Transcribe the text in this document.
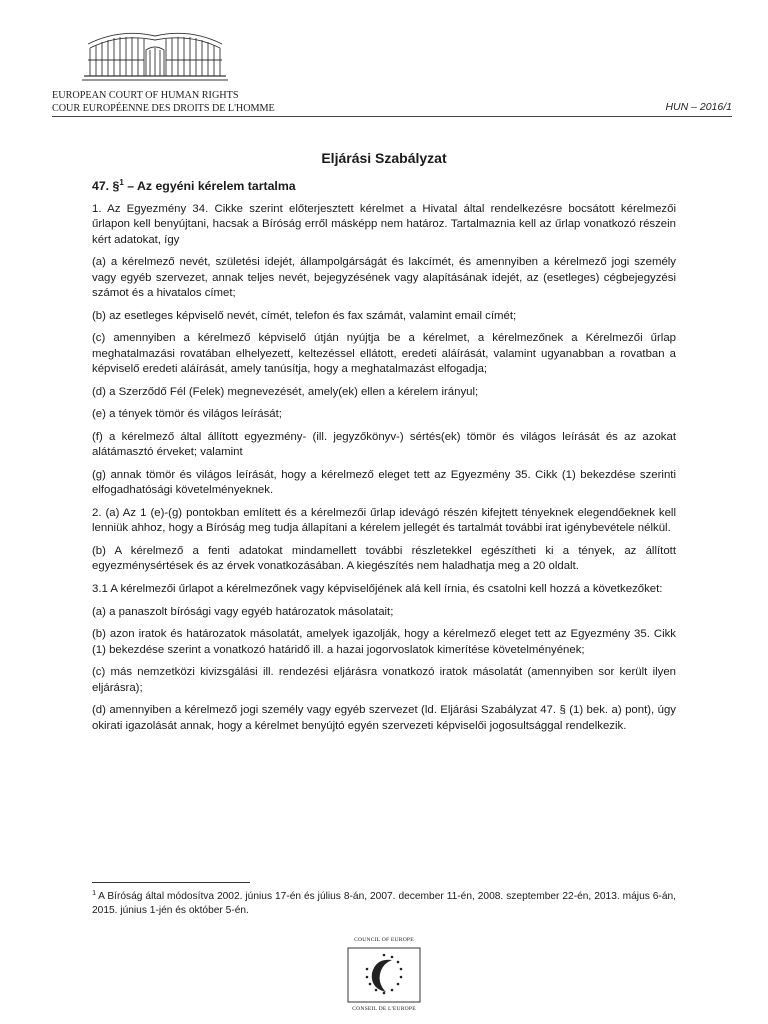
EUROPEAN COURT OF HUMAN RIGHTS
COUR EUROPÉENNE DES DROITS DE L'HOMME	HUN – 2016/1
Eljárási Szabályzat
47. §$^1$ – Az egyéni kérelem tartalma
1. Az Egyezmény 34. Cikke szerint előterjesztett kérelmet a Hivatal által rendelkezésre bocsátott kérelmezői űrlapon kell benyújtani, hacsak a Bíróság erről másképp nem határoz. Tartalmaznia kell az űrlap vonatkozó részein kért adatokat, így
(a) a kérelmező nevét, születési idejét, állampolgárságát és lakcímét, és amennyiben a kérelmező jogi személy vagy egyéb szervezet, annak teljes nevét, bejegyzésének vagy alapításának idejét, az (esetleges) cégbejegyzési számot és a hivatalos címet;
(b) az esetleges képviselő nevét, címét, telefon és fax számát, valamint email címét;
(c) amennyiben a kérelmező képviselő útján nyújtja be a kérelmet, a kérelmezőnek a Kérelmezői űrlap meghatalmazási rovatában elhelyezett, keltezéssel ellátott, eredeti aláírását, valamint ugyanabban a rovatban a képviselő eredeti aláírását, amely tanúsítja, hogy a meghatalmazást elfogadja;
(d) a Szerződő Fél (Felek) megnevezését, amely(ek) ellen a kérelem irányul;
(e) a tények tömör és világos leírását;
(f) a kérelmező által állított egyezmény- (ill. jegyzőkönyv-) sértés(ek) tömör és világos leírását és az azokat alátámasztó érveket; valamint
(g) annak tömör és világos leírását, hogy a kérelmező eleget tett az Egyezmény 35. Cikk (1) bekezdése szerinti elfogadhatósági követelményeknek.
2. (a) Az 1 (e)-(g) pontokban említett és a kérelmezői űrlap idevágó részén kifejtett tényeknek elegendőeknek kell lenniük ahhoz, hogy a Bíróság meg tudja állapítani a kérelem jellegét és tartalmát további irat igénybevétele nélkül.
(b) A kérelmező a fenti adatokat mindamellett további részletekkel egészítheti ki a tények, az állított egyezménysértések és az érvek vonatkozásában. A kiegészítés nem haladhatja meg a 20 oldalt.
3.1 A kérelmezői űrlapot a kérelmezőnek vagy képviselőjének alá kell írnia, és csatolni kell hozzá a következőket:
(a) a panaszolt bírósági vagy egyéb határozatok másolatait;
(b) azon iratok és határozatok másolatát, amelyek igazolják, hogy a kérelmező eleget tett az Egyezmény 35. Cikk (1) bekezdése szerint a vonatkozó határidő ill. a hazai jogorvoslatok kimerítése követelményének;
(c) más nemzetközi kivizsgálási ill. rendezési eljárásra vonatkozó iratok másolatát (amennyiben sor került ilyen eljárásra);
(d) amennyiben a kérelmező jogi személy vagy egyéb szervezet (ld. Eljárási Szabályzat 47. § (1) bek. a) pont), úgy okirati igazolását annak, hogy a kérelmet benyújtó egyén szervezeti képviselői jogosultsággal rendelkezik.
$^1$ A Bíróság által módosítva 2002. június 17-én és július 8-án, 2007. december 11-én, 2008. szeptember 22-én, 2013. május 6-án, 2015. június 1-jén és október 5-én.
COUNCIL OF EUROPE
CONSEIL DE L'EUROPE
